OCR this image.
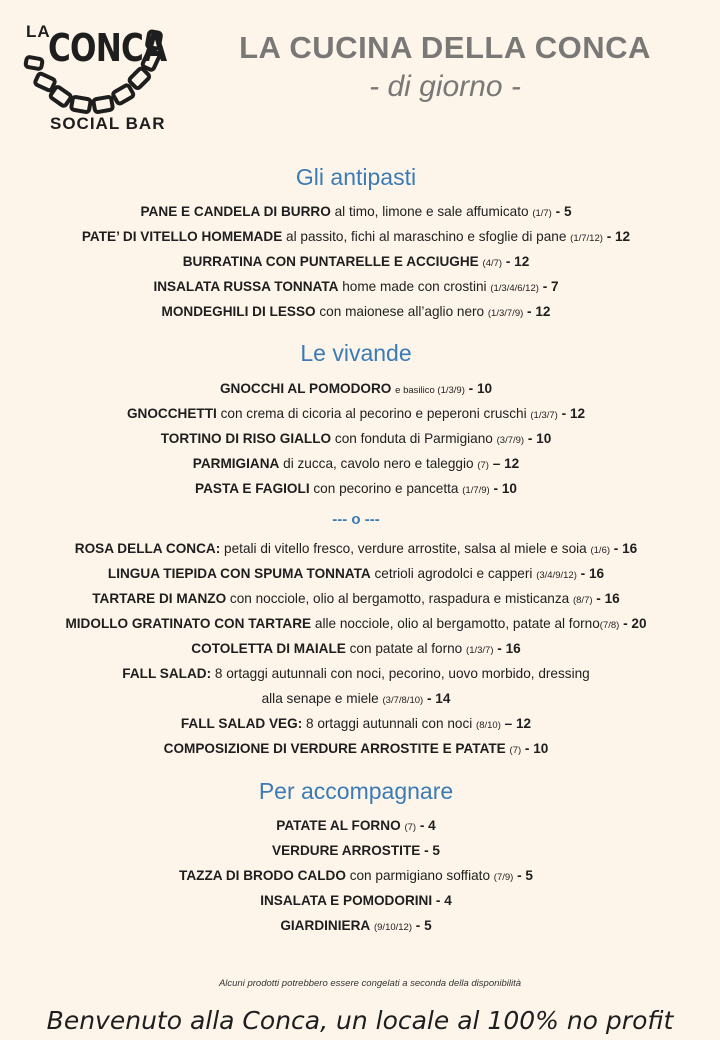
LA
CONCA
SOCIAL BAR
LA CUCINA DELLA CONCA
- di giorno -
Gli antipasti
PANE E CANDELA DI BURRO al timo, limone e sale affumicato (1/7) - 5
PATE’ DI VITELLO HOMEMADE al passito, fichi al maraschino e sfoglie di pane (1/7/12) - 12
BURRATINA CON PUNTARELLE E ACCIUGHE (4/7) - 12
INSALATA RUSSA TONNATA home made con crostini (1/3/4/6/12) - 7
MONDEGHILI DI LESSO con maionese all’aglio nero (1/3/7/9) - 12
Le vivande
GNOCCHI AL POMODORO e basilico (1/3/9) - 10
GNOCCHETTI con crema di cicoria al pecorino e peperoni cruschi (1/3/7) - 12
TORTINO DI RISO GIALLO con fonduta di Parmigiano (3/7/9) - 10
PARMIGIANA di zucca, cavolo nero e taleggio (7) – 12
PASTA E FAGIOLI con pecorino e pancetta (1/7/9) - 10
--- o ---
ROSA DELLA CONCA: petali di vitello fresco, verdure arrostite, salsa al miele e soia (1/6) - 16
LINGUA TIEPIDA CON SPUMA TONNATA cetrioli agrodolci e capperi (3/4/9/12) - 16
TARTARE DI MANZO con nocciole, olio al bergamotto, raspadura e misticanza (8/7) - 16
MIDOLLO GRATINATO CON TARTARE alle nocciole, olio al bergamotto, patate al forno(7/8) - 20
COTOLETTA DI MAIALE con patate al forno (1/3/7) - 16
FALL SALAD: 8 ortaggi autunnali con noci, pecorino, uovo morbido, dressing
alla senape e miele (3/7/8/10) - 14
FALL SALAD VEG: 8 ortaggi autunnali con noci (8/10) – 12
COMPOSIZIONE DI VERDURE ARROSTITE E PATATE (7) - 10
Per accompagnare
PATATE AL FORNO (7) - 4
VERDURE ARROSTITE - 5
TAZZA DI BRODO CALDO con parmigiano soffiato (7/9) - 5
INSALATA E POMODORINI - 4
GIARDINIERA (9/10/12) - 5
Alcuni prodotti potrebbero essere congelati a seconda della disponibilità
Benvenuto alla Conca, un locale al 100% no profit
